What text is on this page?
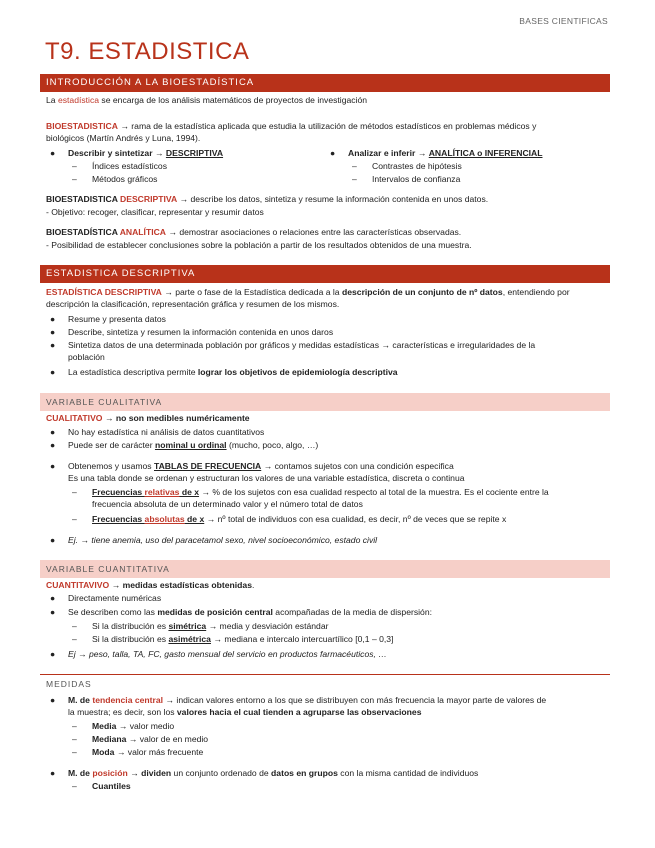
BASES CIENTIFICAS
T9. ESTADISTICA
INTRODUCCIÓN A LA BIOESTADÍSTICA
La estadística se encarga de los análisis matemáticos de proyectos de investigación
BIOESTADISTICA → rama de la estadística aplicada que estudia la utilización de métodos estadísticos en problemas médicos y
biológicos (Martín Andrés y Luna, 1994).
● Describir y sintetizar → DESCRIPTIVA
– Índices estadísticos
– Métodos gráficos
● Analizar e inferir → ANALÍTICA o INFERENCIAL
– Contrastes de hipótesis
– Intervalos de confianza
BIOESTADISTICA DESCRIPTIVA → describe los datos, sintetiza y resume la información contenida en unos datos.
- Objetivo: recoger, clasificar, representar y resumir datos
BIOESTADÍSTICA ANALÍTICA → demostrar asociaciones o relaciones entre las características observadas.
- Posibilidad de establecer conclusiones sobre la población a partir de los resultados obtenidos de una muestra.
ESTADISTICA DESCRIPTIVA
ESTADÍSTICA DESCRIPTIVA → parte o fase de la Estadística dedicada a la descripción de un conjunto de nº datos, entendiendo por
descripción la clasificación, representación gráfica y resumen de los mismos.
● Resume y presenta datos
● Describe, sintetiza y resumen la información contenida en unos daros
● Sintetiza datos de una determinada población por gráficos y medidas estadísticas → características e irregularidades de la
población
● La estadística descriptiva permite lograr los objetivos de epidemiología descriptiva
VARIABLE CUALITATIVA
CUALITATIVO → no son medibles numéricamente
● No hay estadística ni análisis de datos cuantitativos
● Puede ser de carácter nominal u ordinal (mucho, poco, algo, …)
● Obtenemos y usamos TABLAS DE FRECUENCIA → contamos sujetos con una condición especifica
Es una tabla donde se ordenan y estructuran los valores de una variable estadística, discreta o continua
– Frecuencias relativas de x → % de los sujetos con esa cualidad respecto al total de la muestra. Es el cociente entre la
frecuencia absoluta de un determinado valor y el número total de datos
– Frecuencias absolutas de x → nº total de individuos con esa cualidad, es decir, nº de veces que se repite x
● Ej. → tiene anemia, uso del paracetamol sexo, nivel socioeconómico, estado civil
VARIABLE CUANTITATIVA
CUANTITAVIVO → medidas estadísticas obtenidas.
● Directamente numéricas
● Se describen como las medidas de posición central acompañadas de la media de dispersión:
– Si la distribución es simétrica → media y desviación estándar
– Si la distribución es asimétrica → mediana e intercalo intercuartílico [0,1 – 0,3]
● Ej → peso, talla, TA, FC, gasto mensual del servicio en productos farmacéuticos, …
MEDIDAS
● M. de tendencia central → indican valores entorno a los que se distribuyen con más frecuencia la mayor parte de valores de
la muestra; es decir, son los valores hacia el cual tienden a agruparse las observaciones
– Media → valor medio
– Mediana → valor de en medio
– Moda → valor más frecuente
● M. de posición → dividen un conjunto ordenado de datos en grupos con la misma cantidad de individuos
– Cuantiles
